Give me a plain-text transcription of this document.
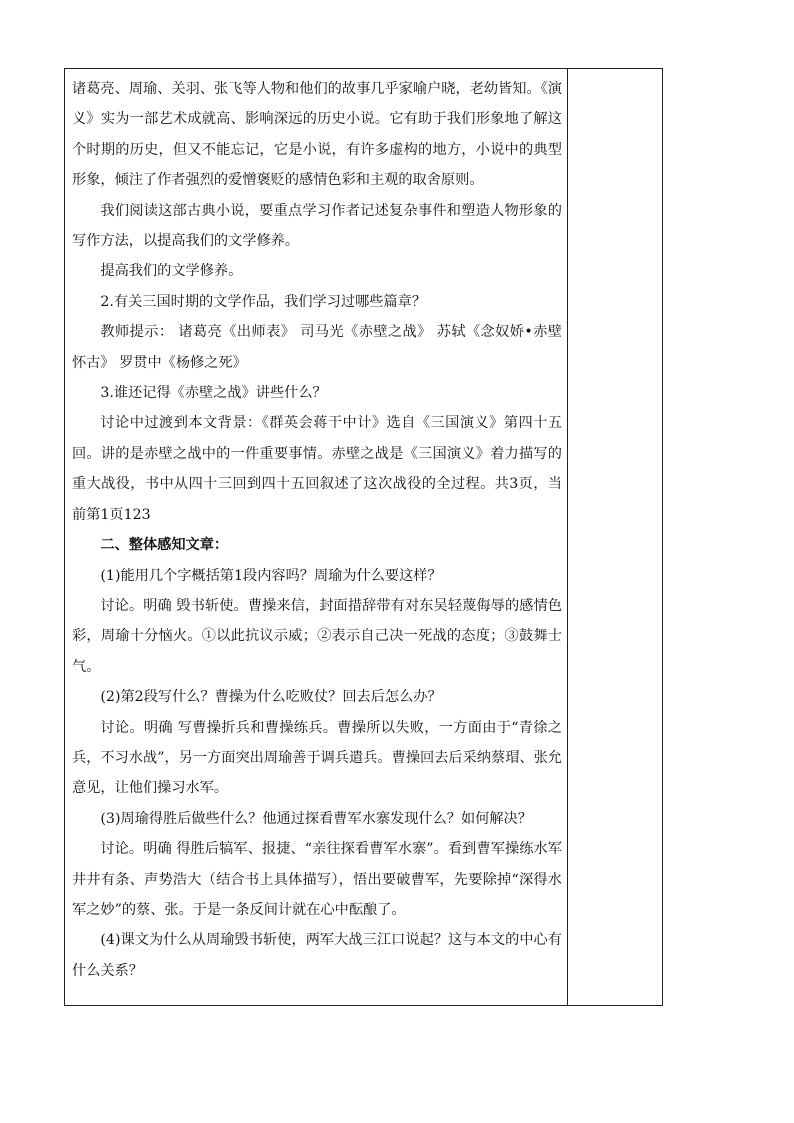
诸葛亮、周瑜、关羽、张飞等人物和他们的故事几乎家喻户晓，老幼皆知。《演义》实为一部艺术成就高、影响深远的历史小说。它有助于我们形象地了解这个时期的历史，但又不能忘记，它是小说，有许多虚构的地方，小说中的典型形象，倾注了作者强烈的爱憎褒贬的感情色彩和主观的取舍原则。

我们阅读这部古典小说，要重点学习作者记述复杂事件和塑造人物形象的写作方法，以提高我们的文学修养。

提高我们的文学修养。

2.有关三国时期的文学作品，我们学习过哪些篇章？

教师提示： 诸葛亮《出师表》 司马光《赤壁之战》 苏轼《念奴娇•赤壁怀古》 罗贯中《杨修之死》

3.谁还记得《赤壁之战》讲些什么？

讨论中过渡到本文背景：《群英会蒋干中计》选自《三国演义》第四十五回。讲的是赤壁之战中的一件重要事情。赤壁之战是《三国演义》着力描写的重大战役，书中从四十三回到四十五回叙述了这次战役的全过程。共3页，当前第1页123

二、整体感知文章：

(1)能用几个字概括第1段内容吗？周瑜为什么要这样？

讨论。明确 毁书斩使。曹操来信，封面措辞带有对东吴轻蔑侮辱的感情色彩，周瑜十分恼火。①以此抗议示威；②表示自己决一死战的态度；③鼓舞士气。

(2)第2段写什么？曹操为什么吃败仗？回去后怎么办？

讨论。明确 写曹操折兵和曹操练兵。曹操所以失败，一方面由于“青徐之兵，不习水战”，另一方面突出周瑜善于调兵遣兵。曹操回去后采纳蔡瑁、张允意见，让他们操习水军。

(3)周瑜得胜后做些什么？他通过探看曹军水寨发现什么？如何解决？

讨论。明确 得胜后犒军、报捷、“亲往探看曹军水寨”。看到曹军操练水军井井有条、声势浩大（结合书上具体描写），悟出要破曹军，先要除掉“深得水军之妙”的蔡、张。于是一条反间计就在心中酝酿了。

(4)课文为什么从周瑜毁书斩使，两军大战三江口说起？这与本文的中心有什么关系？
